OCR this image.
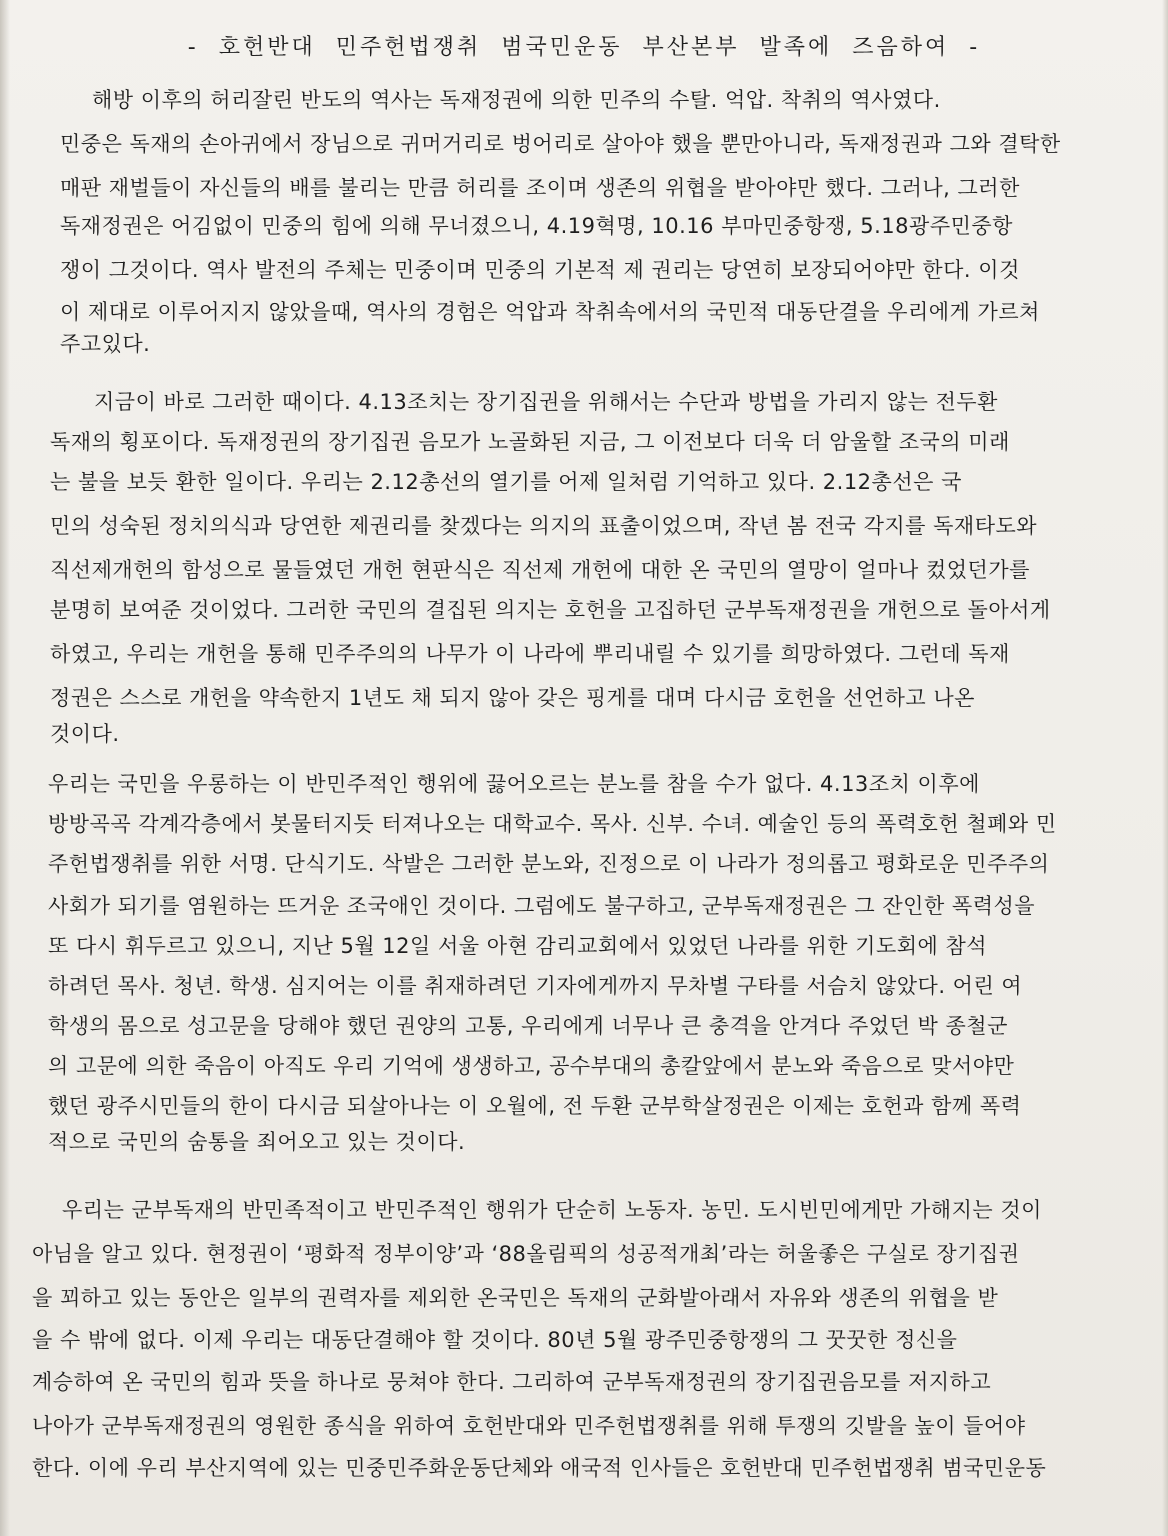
- 호헌반대 민주헌법쟁취 범국민운동 부산본부 발족에 즈음하여 -
해방 이후의 허리잘린 반도의 역사는 독재정권에 의한 민주의 수탈. 억압. 착취의 역사였다.
민중은 독재의 손아귀에서 장님으로 귀머거리로 벙어리로 살아야 했을 뿐만아니라, 독재정권과 그와 결탁한
매판 재벌들이 자신들의 배를 불리는 만큼 허리를 조이며 생존의 위협을 받아야만 했다. 그러나, 그러한
독재정권은 어김없이 민중의 힘에 의해 무너졌으니, 4.19혁명, 10.16 부마민중항쟁, 5.18광주민중항
쟁이 그것이다. 역사 발전의 주체는 민중이며 민중의 기본적 제 권리는 당연히 보장되어야만 한다. 이것
이 제대로 이루어지지 않았을때, 역사의 경험은 억압과 착취속에서의 국민적 대동단결을 우리에게 가르쳐
주고있다.
지금이 바로 그러한 때이다. 4.13조치는 장기집권을 위해서는 수단과 방법을 가리지 않는 전두환
독재의 횡포이다. 독재정권의 장기집권 음모가 노골화된 지금, 그 이전보다 더욱 더 암울할 조국의 미래
는 불을 보듯 환한 일이다. 우리는 2.12총선의 열기를 어제 일처럼 기억하고 있다. 2.12총선은 국
민의 성숙된 정치의식과 당연한 제권리를 찾겠다는 의지의 표출이었으며, 작년 봄 전국 각지를 독재타도와
직선제개헌의 함성으로 물들였던 개헌 현판식은 직선제 개헌에 대한 온 국민의 열망이 얼마나 컸었던가를
분명히 보여준 것이었다. 그러한 국민의 결집된 의지는 호헌을 고집하던 군부독재정권을 개헌으로 돌아서게
하였고, 우리는 개헌을 통해 민주주의의 나무가 이 나라에 뿌리내릴 수 있기를 희망하였다. 그런데 독재
정권은 스스로 개헌을 약속한지 1년도 채 되지 않아 갖은 핑게를 대며 다시금 호헌을 선언하고 나온
것이다.
우리는 국민을 우롱하는 이 반민주적인 행위에 끓어오르는 분노를 참을 수가 없다. 4.13조치 이후에
방방곡곡 각계각층에서 봇물터지듯 터져나오는 대학교수. 목사. 신부. 수녀. 예술인 등의 폭력호헌 철폐와 민
주헌법쟁취를 위한 서명. 단식기도. 삭발은 그러한 분노와, 진정으로 이 나라가 정의롭고 평화로운 민주주의
사회가 되기를 염원하는 뜨거운 조국애인 것이다. 그럼에도 불구하고, 군부독재정권은 그 잔인한 폭력성을
또 다시 휘두르고 있으니, 지난 5월 12일 서울 아현 감리교회에서 있었던 나라를 위한 기도회에 참석
하려던 목사. 청년. 학생. 심지어는 이를 취재하려던 기자에게까지 무차별 구타를 서슴치 않았다. 어린 여
학생의 몸으로 성고문을 당해야 했던 권양의 고통, 우리에게 너무나 큰 충격을 안겨다 주었던 박 종철군
의 고문에 의한 죽음이 아직도 우리 기억에 생생하고, 공수부대의 총칼앞에서 분노와 죽음으로 맞서야만
했던 광주시민들의 한이 다시금 되살아나는 이 오월에, 전 두환 군부학살정권은 이제는 호헌과 함께 폭력
적으로 국민의 숨통을 죄어오고 있는 것이다.
우리는 군부독재의 반민족적이고 반민주적인 행위가 단순히 노동자. 농민. 도시빈민에게만 가해지는 것이
아님을 알고 있다. 현정권이 ‘평화적 정부이양’과 ‘88올림픽의 성공적개최’라는 허울좋은 구실로 장기집권
을 꾀하고 있는 동안은 일부의 권력자를 제외한 온국민은 독재의 군화발아래서 자유와 생존의 위협을 받
을 수 밖에 없다. 이제 우리는 대동단결해야 할 것이다. 80년 5월 광주민중항쟁의 그 꿋꿋한 정신을
계승하여 온 국민의 힘과 뜻을 하나로 뭉쳐야 한다. 그리하여 군부독재정권의 장기집권음모를 저지하고
나아가 군부독재정권의 영원한 종식을 위하여 호헌반대와 민주헌법쟁취를 위해 투쟁의 깃발을 높이 들어야
한다. 이에 우리 부산지역에 있는 민중민주화운동단체와 애국적 인사들은 호헌반대 민주헌법쟁취 범국민운동
